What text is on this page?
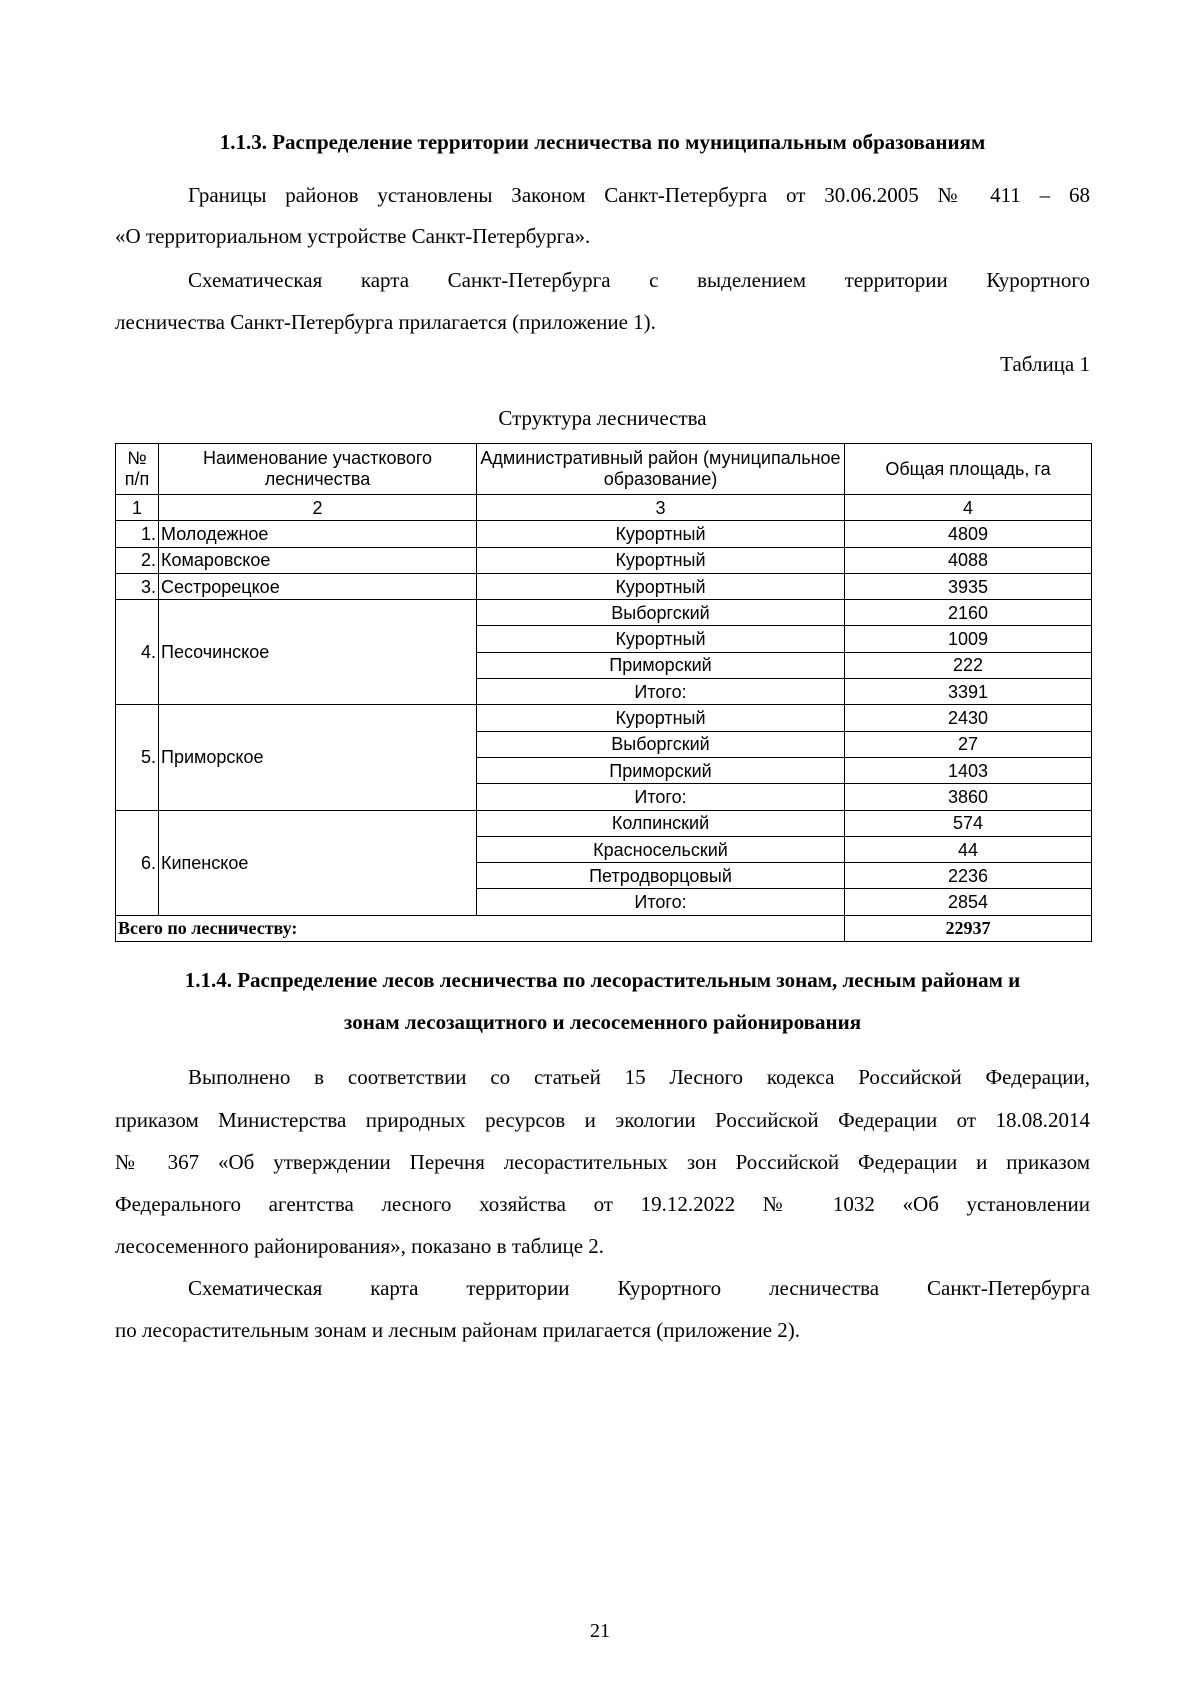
1.1.3. Распределение территории лесничества по муниципальным образованиям
Границы районов установлены Законом Санкт-Петербурга от 30.06.2005 № 411 – 68
«О территориальном устройстве Санкт-Петербурга».
Схематическая карта Санкт-Петербурга с выделением территории Курортного
лесничества Санкт-Петербурга прилагается (приложение 1).
Таблица 1
Структура лесничества
№ п/п	Наименование участкового лесничества	Административный район (муниципальное образование)	Общая площадь, га
1	2	3	4
1.	Молодежное	Курортный	4809
2.	Комаровское	Курортный	4088
3.	Сестрорецкое	Курортный	3935
4.	Песочинское	Выборгский	2160
		Курортный	1009
		Приморский	222
		Итого:	3391
5.	Приморское	Курортный	2430
		Выборгский	27
		Приморский	1403
		Итого:	3860
6.	Кипенское	Колпинский	574
		Красносельский	44
		Петродворцовый	2236
		Итого:	2854
Всего по лесничеству:			22937
1.1.4. Распределение лесов лесничества по лесорастительным зонам, лесным районам и
зонам лесозащитного и лесосеменного районирования
Выполнено в соответствии со статьей 15 Лесного кодекса Российской Федерации,
приказом Министерства природных ресурсов и экологии Российской Федерации от 18.08.2014
№ 367 «Об утверждении Перечня лесорастительных зон Российской Федерации и приказом
Федерального агентства лесного хозяйства от 19.12.2022 № 1032 «Об установлении
лесосеменного районирования», показано в таблице 2.
Схематическая карта территории Курортного лесничества Санкт-Петербурга
по лесорастительным зонам и лесным районам прилагается (приложение 2).
21
